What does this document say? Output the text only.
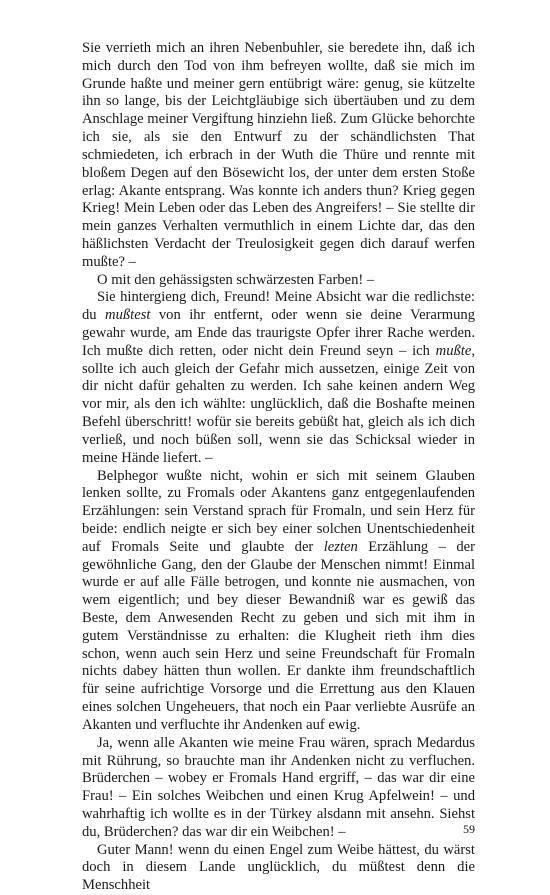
Sie verrieth mich an ihren Nebenbuhler, sie beredete ihn, daß ich mich durch den Tod von ihm befreyen wollte, daß sie mich im Grunde haßte und meiner gern entübrigt wäre: genug, sie kützelte ihn so lange, bis der Leichtgläubige sich übertäuben und zu dem Anschlage meiner Vergiftung hinziehn ließ. Zum Glücke behorchte ich sie, als sie den Entwurf zu der schändlichsten That schmiedeten, ich erbrach in der Wuth die Thüre und rennte mit bloßem Degen auf den Bösewicht los, der unter dem ersten Stoße erlag: Akante entsprang. Was konnte ich anders thun? Krieg gegen Krieg! Mein Leben oder das Leben des Angreifers! – Sie stellte dir mein ganzes Verhalten vermuthlich in einem Lichte dar, das den häßlichsten Verdacht der Treulosigkeit gegen dich darauf werfen mußte? –

O mit den gehässigsten schwärzesten Farben! –

Sie hintergieng dich, Freund! Meine Absicht war die redlichste: du mußtest von ihr entfernt, oder wenn sie deine Verarmung gewahr wurde, am Ende das traurigste Opfer ihrer Rache werden. Ich mußte dich retten, oder nicht dein Freund seyn – ich mußte, sollte ich auch gleich der Gefahr mich aussetzen, einige Zeit von dir nicht dafür gehalten zu werden. Ich sahe keinen andern Weg vor mir, als den ich wählte: unglücklich, daß die Boshafte meinen Befehl überschritt! wofür sie bereits gebüßt hat, gleich als ich dich verließ, und noch büßen soll, wenn sie das Schicksal wieder in meine Hände liefert. –

Belphegor wußte nicht, wohin er sich mit seinem Glauben lenken sollte, zu Fromals oder Akantens ganz entgegenlaufenden Erzählungen: sein Verstand sprach für Fromaln, und sein Herz für beide: endlich neigte er sich bey einer solchen Unentschiedenheit auf Fromals Seite und glaubte der lezten Erzählung – der gewöhnliche Gang, den der Glaube der Menschen nimmt! Einmal wurde er auf alle Fälle betrogen, und konnte nie ausmachen, von wem eigentlich; und bey dieser Bewandniß war es gewiß das Beste, dem Anwesenden Recht zu geben und sich mit ihm in gutem Verständnisse zu erhalten: die Klugheit rieth ihm dies schon, wenn auch sein Herz und seine Freundschaft für Fromaln nichts dabey hätten thun wollen. Er dankte ihm freundschaftlich für seine aufrichtige Vorsorge und die Errettung aus den Klauen eines solchen Ungeheuers, that noch ein Paar verliebte Ausrüfe an Akanten und verfluchte ihr Andenken auf ewig.

Ja, wenn alle Akanten wie meine Frau wären, sprach Medardus mit Rührung, so brauchte man ihr Andenken nicht zu verfluchen. Brüderchen – wobey er Fromals Hand ergriff, – das war dir eine Frau! – Ein solches Weibchen und einen Krug Apfelwein! – und wahrhaftig ich wollte es in der Türkey alsdann mit ansehn. Siehst du, Brüderchen? das war dir ein Weibchen! –

Guter Mann! wenn du einen Engel zum Weibe hättest, du wärst doch in diesem Lande unglücklich, du müßtest denn die Menschheit

59
